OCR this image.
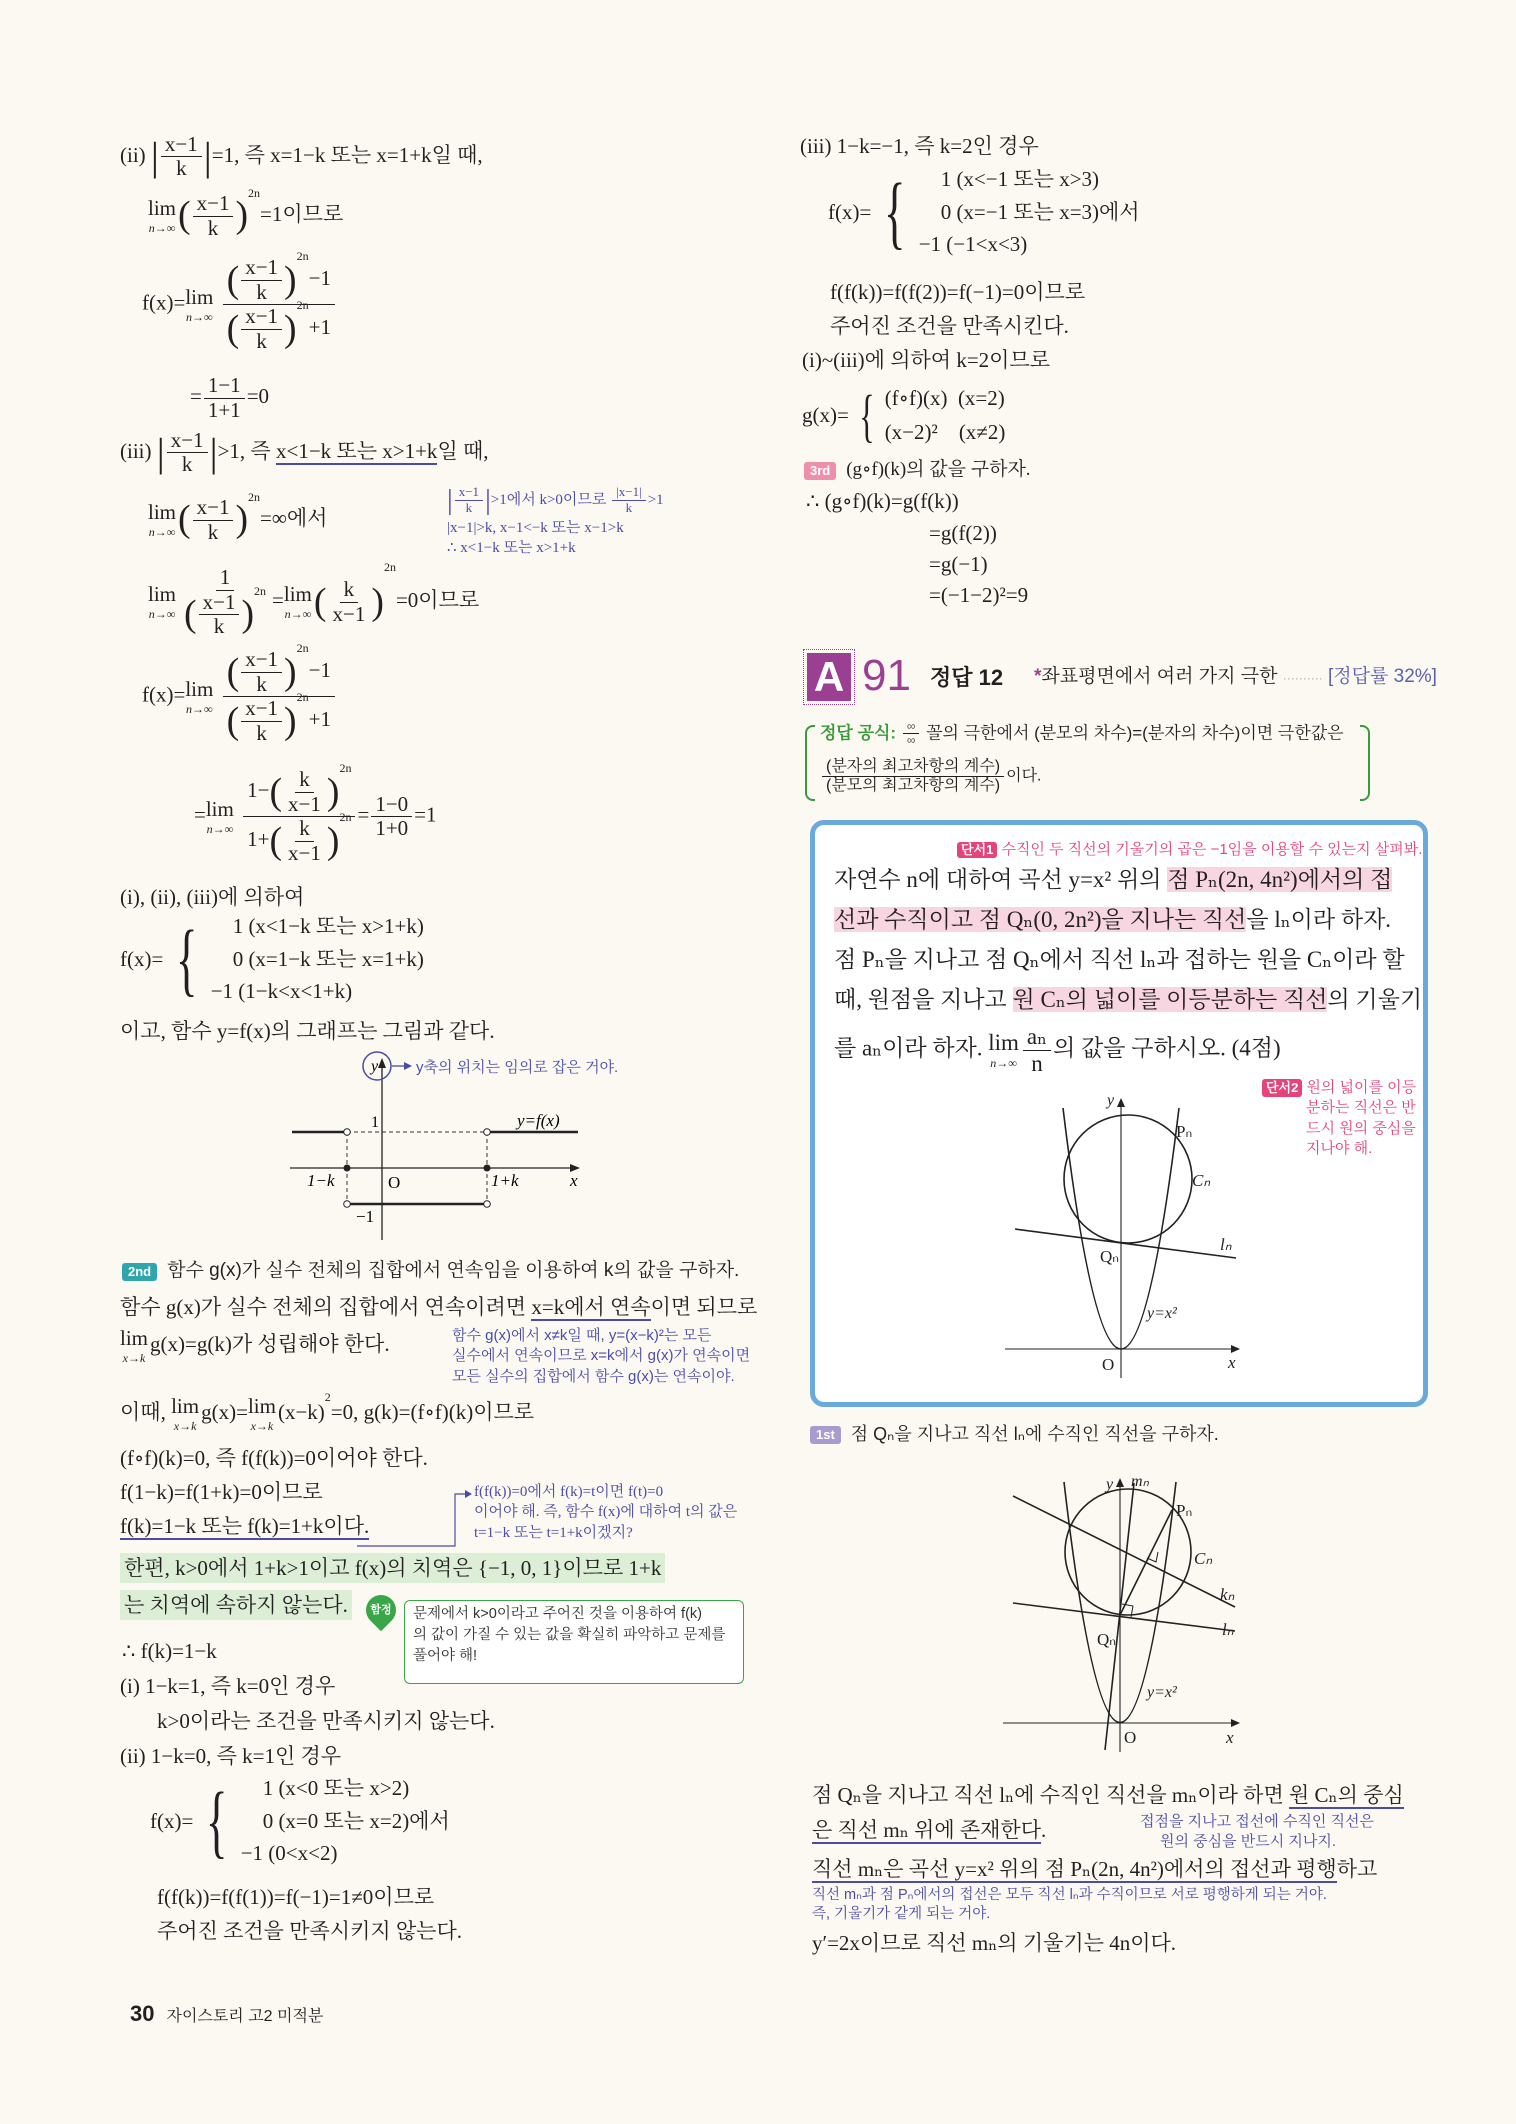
(ii) | $\frac{x-1}{k}$
| =1, 즉 x=1−k 또는 x=1+k일 때,
lim
n→∞ ( $\frac{x-1}{k}$
) $^{2n}$=1이므로
f(x)= lim
n→∞
( $\frac{x-1}{k}$
) $^{2n}$−1
( $\frac{x-1}{k}$
) $^{2n}$+1
= $\frac{1-1}{1+1} =0$
(iii) | $\frac{x-1}{k}$
| >1, 즉 x<1−k 또는 x>1+k일 때,
| $\frac{x-1}{k}$
| >1에서 k>0이므로 $\frac{|x-1|}{k} >1$
|x−1|>k, x−1<−k 또는 x−1>k
∴ x<1−k 또는 x>1+k
lim
n→∞ ( $\frac{x-1}{k}$
) $^{2n}$=∞에서
lim
n→∞ 1
( $\frac{x-1}{k}$
) $^{2n}$ = lim
n→∞ ( $\frac{k}{x-1}$
)$^{2n}$=0이므로
f(x)= lim
n→∞
( $\frac{x-1}{k}$
) $^{2n}$−1
( $\frac{x-1}{k}$
) $^{2n}$+1
= lim
n→∞
1− ( $\frac{k}{x-1}$
) $^{2n}$
1+ ( $\frac{k}{x-1}$
) $^{2n} = \frac{1-0}{1+0} =1$
(i), (ii), (iii)에 의하여
f(x)= {	1 (x<1−k 또는 x>1+k)
0 (x=1−k 또는 x=1+k)
−1 (1−k<x<1+k)
이고, 함수 y=f(x)의 그래프는 그림과 같다.
y	y축의 위치는 임의로 잡은 거야.
1	y=f(x)
1−k	O	1+k	x
−1
2nd 함수 g(x)가 실수 전체의 집합에서 연속임을 이용하여 k의 값을 구하자.
함수 g(x)가 실수 전체의 집합에서 연속이려면 x=k에서 연속이면 되므로
lim
x→k
g(x)=g(k)가 성립해야 한다.	함수 g(x)에서 x≠k일 때, y=(x−k)²는 모든
실수에서 연속이므로 x=k에서 g(x)가 연속이면
모든 실수의 집합에서 함수 g(x)는 연속이야.
이때, lim
x→k
g(x)= lim
x→k
$(x-k)^2=0$, g(k)=(f∘f)(k)이므로
(f∘f)(k)=0, 즉 f(f(k))=0이어야 한다.
f(1−k)=f(1+k)=0이므로
f(k)=1−k 또는 f(k)=1+k이다.
f(f(k))=0에서 f(k)=t이면 f(t)=0
이어야 해. 즉, 함수 f(x)에 대하여 t의 값은
t=1−k 또는 t=1+k이겠지?
한편, k>0에서 1+k>1이고 f(x)의 치역은 {−1, 0, 1}이므로 1+k
는 치역에 속하지 않는다.	함정	문제에서 k>0이라고 주어진 것을 이용하여 f(k)
의 값이 가질 수 있는 값을 확실히 파악하고 문제를
풀어야 해!
∴ f(k)=1−k
(i) 1−k=1, 즉 k=0인 경우
k>0이라는 조건을 만족시키지 않는다.
(ii) 1−k=0, 즉 k=1인 경우
f(x)= {	1 (x<0 또는 x>2)
0 (x=0 또는 x=2)에서
−1 (0<x<2)
f(f(k))=f(f(1))=f(−1)=1≠0이므로
주어진 조건을 만족시키지 않는다.
30 자이스토리 고2 미적분
(iii) 1−k=−1, 즉 k=2인 경우
f(x)= {	1 (x<−1 또는 x>3)
0 (x=−1 또는 x=3)에서
−1 (−1<x<3)
f(f(k))=f(f(2))=f(−1)=0이므로
주어진 조건을 만족시킨다.
(i)~(iii)에 의하여 k=2이므로
g(x)= { (f∘f)(x)  (x=2)
(x−2)²    (x≠2)
3rd (g∘f)(k)의 값을 구하자.
∴ (g∘f)(k)=g(f(k))
=g(f(2))
=g(−1)
=(−1−2)²=9
A 91 정답 12 *좌표평면에서 여러 가지 극한 ·········· [정답률 32%]
정답 공식: ∞
∞ 꼴의 극한에서 (분모의 차수)=(분자의 차수)이면 극한값은
(분자의 최고차항의 계수)
(분모의 최고차항의 계수)
이다.
단서1 수직인 두 직선의 기울기의 곱은 −1임을 이용할 수 있는지 살펴봐.
자연수 n에 대하여 곡선 y=x² 위의 점 Pₙ(2n, 4n²)에서의 접
선과 수직이고 점 Qₙ(0, 2n²)을 지나는 직선을 lₙ이라 하자.
점 Pₙ을 지나고 점 Qₙ에서 직선 lₙ과 접하는 원을 Cₙ이라 할
때, 원점을 지나고 원 Cₙ의 넓이를 이등분하는 직선의 기울기
를 aₙ이라 하자. lim
$n\to\infty \frac{\text{aₙ}}{n}$ 의 값을 구하시오. (4점)
단서2 원의 넓이를 이등
분하는 직선은 반
드시 원의 중심을
지나야 해.
y
Pₙ
Cₙ
lₙ
Qₙ
y=x²
O	x
1st 점 Qₙ을 지나고 직선 lₙ에 수직인 직선을 구하자.
y mₙ
Pₙ
Cₙ
kₙ
lₙ
Qₙ
y=x²
O	x
점 Qₙ을 지나고 직선 lₙ에 수직인 직선을 mₙ이라 하면 원 Cₙ의 중심
은 직선 mₙ 위에 존재한다.	접점을 지나고 접선에 수직인 직선은
원의 중심을 반드시 지나지.
직선 mₙ은 곡선 y=x² 위의 점 Pₙ(2n, 4n²)에서의 접선과 평행하고
직선 mₙ과 점 Pₙ에서의 접선은 모두 직선 lₙ과 수직이므로 서로 평행하게 되는 거야.
즉, 기울기가 같게 되는 거야.
y′=2x이므로 직선 mₙ의 기울기는 4n이다.
